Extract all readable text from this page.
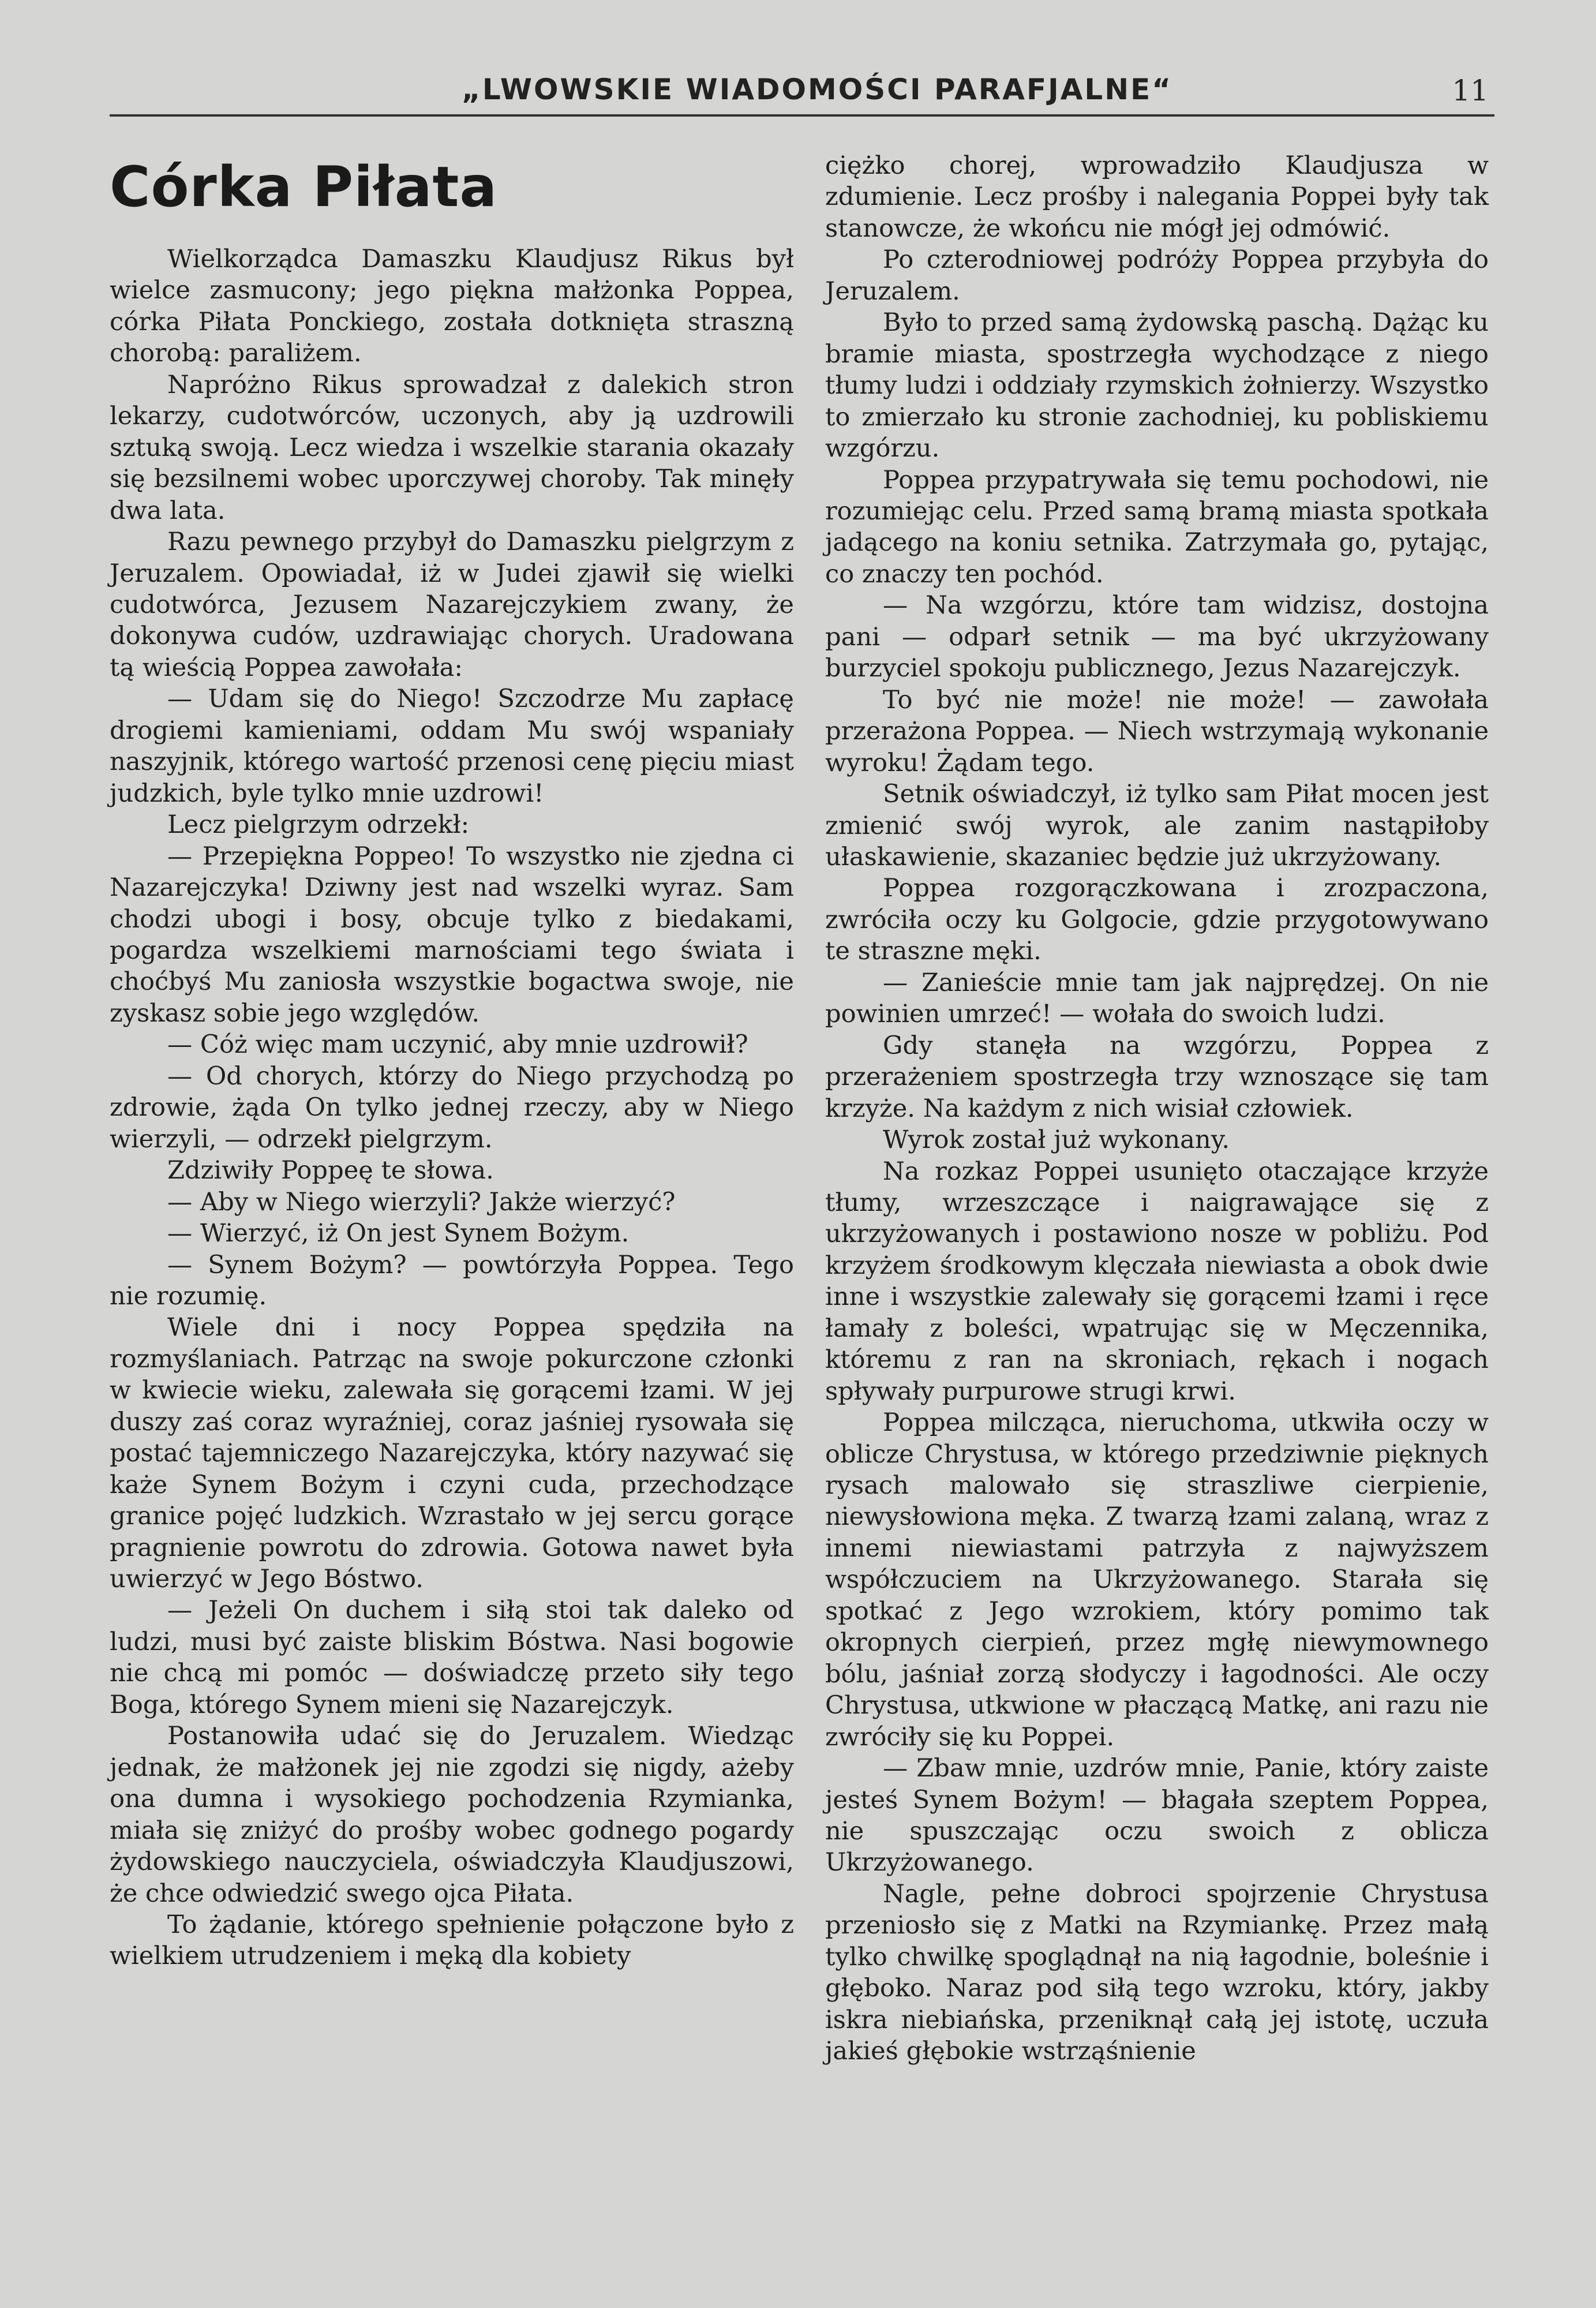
„LWOWSKIE WIADOMOŚCI PARAFJALNE“	11
Córka Piłata

Wielkorządca Damaszku Klaudjusz Rikus był wielce zasmucony; jego piękna małżonka Poppea, córka Piłata Ponckiego, została dotknięta straszną chorobą: paraliżem.

Napróżno Rikus sprowadzał z dalekich stron lekarzy, cudotwórców, uczonych, aby ją uzdrowili sztuką swoją. Lecz wiedza i wszelkie starania okazały się bezsilnemi wobec uporczywej choroby. Tak minęły dwa lata.

Razu pewnego przybył do Damaszku pielgrzym z Jeruzalem. Opowiadał, iż w Judei zjawił się wielki cudotwórca, Jezusem Nazarejczykiem zwany, że dokonywa cudów, uzdrawiając chorych. Uradowana tą wieścią Poppea zawołała:

— Udam się do Niego! Szczodrze Mu zapłacę drogiemi kamieniami, oddam Mu swój wspaniały naszyjnik, którego wartość przenosi cenę pięciu miast judzkich, byle tylko mnie uzdrowi!

Lecz pielgrzym odrzekł:

— Przepiękna Poppeo! To wszystko nie zjedna ci Nazarejczyka! Dziwny jest nad wszelki wyraz. Sam chodzi ubogi i bosy, obcuje tylko z biedakami, pogardza wszelkiemi marnościami tego świata i choćbyś Mu zaniosła wszystkie bogactwa swoje, nie zyskasz sobie jego względów.

— Cóż więc mam uczynić, aby mnie uzdrowił?

— Od chorych, którzy do Niego przychodzą po zdrowie, żąda On tylko jednej rzeczy, aby w Niego wierzyli, — odrzekł pielgrzym.

Zdziwiły Poppeę te słowa.

— Aby w Niego wierzyli? Jakże wierzyć?

— Wierzyć, iż On jest Synem Bożym.

— Synem Bożym? — powtórzyła Poppea. Tego nie rozumię.

Wiele dni i nocy Poppea spędziła na rozmyślaniach. Patrząc na swoje pokurczone członki w kwiecie wieku, zalewała się gorącemi łzami. W jej duszy zaś coraz wyraźniej, coraz jaśniej rysowała się postać tajemniczego Nazarejczyka, który nazywać się każe Synem Bożym i czyni cuda, przechodzące granice pojęć ludzkich. Wzrastało w jej sercu gorące pragnienie powrotu do zdrowia. Gotowa nawet była uwierzyć w Jego Bóstwo.

— Jeżeli On duchem i siłą stoi tak daleko od ludzi, musi być zaiste bliskim Bóstwa. Nasi bogowie nie chcą mi pomóc — doświadczę przeto siły tego Boga, którego Synem mieni się Nazarejczyk.

Postanowiła udać się do Jeruzalem. Wiedząc jednak, że małżonek jej nie zgodzi się nigdy, ażeby ona dumna i wysokiego pochodzenia Rzymianka, miała się zniżyć do prośby wobec godnego pogardy żydowskiego nauczyciela, oświadczyła Klaudjuszowi, że chce odwiedzić swego ojca Piłata.

To żądanie, którego spełnienie połączone było z wielkiem utrudzeniem i męką dla kobiety

ciężko chorej, wprowadziło Klaudjusza w zdumienie. Lecz prośby i nalegania Poppei były tak stanowcze, że wkońcu nie mógł jej odmówić.

Po czterodniowej podróży Poppea przybyła do Jeruzalem.

Było to przed samą żydowską paschą. Dążąc ku bramie miasta, spostrzegła wychodzące z niego tłumy ludzi i oddziały rzymskich żołnierzy. Wszystko to zmierzało ku stronie zachodniej, ku pobliskiemu wzgórzu.

Poppea przypatrywała się temu pochodowi, nie rozumiejąc celu. Przed samą bramą miasta spotkała jadącego na koniu setnika. Zatrzymała go, pytając, co znaczy ten pochód.

— Na wzgórzu, które tam widzisz, dostojna pani — odparł setnik — ma być ukrzyżowany burzyciel spokoju publicznego, Jezus Nazarejczyk.

To być nie może! nie może! — zawołała przerażona Poppea. — Niech wstrzymają wykonanie wyroku! Żądam tego.

Setnik oświadczył, iż tylko sam Piłat mocen jest zmienić swój wyrok, ale zanim nastąpiłoby ułaskawienie, skazaniec będzie już ukrzyżowany.

Poppea rozgorączkowana i zrozpaczona, zwróciła oczy ku Golgocie, gdzie przygotowywano te straszne męki.

— Zanieście mnie tam jak najprędzej. On nie powinien umrzeć! — wołała do swoich ludzi.

Gdy stanęła na wzgórzu, Poppea z przerażeniem spostrzegła trzy wznoszące się tam krzyże. Na każdym z nich wisiał człowiek.

Wyrok został już wykonany.

Na rozkaz Poppei usunięto otaczające krzyże tłumy, wrzeszczące i naigrawające się z ukrzyżowanych i postawiono nosze w pobliżu. Pod krzyżem środkowym klęczała niewiasta a obok dwie inne i wszystkie zalewały się gorącemi łzami i ręce łamały z boleści, wpatrując się w Męczennika, któremu z ran na skroniach, rękach i nogach spływały purpurowe strugi krwi.

Poppea milcząca, nieruchoma, utkwiła oczy w oblicze Chrystusa, w którego przedziwnie pięknych rysach malowało się straszliwe cierpienie, niewysłowiona męka. Z twarzą łzami zalaną, wraz z innemi niewiastami patrzyła z najwyższem współczuciem na Ukrzyżowanego. Starała się spotkać z Jego wzrokiem, który pomimo tak okropnych cierpień, przez mgłę niewymownego bólu, jaśniał zorzą słodyczy i łagodności. Ale oczy Chrystusa, utkwione w płaczącą Matkę, ani razu nie zwróciły się ku Poppei.

— Zbaw mnie, uzdrów mnie, Panie, który zaiste jesteś Synem Bożym! — błagała szeptem Poppea, nie spuszczając oczu swoich z oblicza Ukrzyżowanego.

Nagle, pełne dobroci spojrzenie Chrystusa przeniosło się z Matki na Rzymiankę. Przez małą tylko chwilkę spoglądnął na nią łagodnie, boleśnie i głęboko. Naraz pod siłą tego wzroku, który, jakby iskra niebiańska, przeniknął całą jej istotę, uczuła jakieś głębokie wstrząśnienie
